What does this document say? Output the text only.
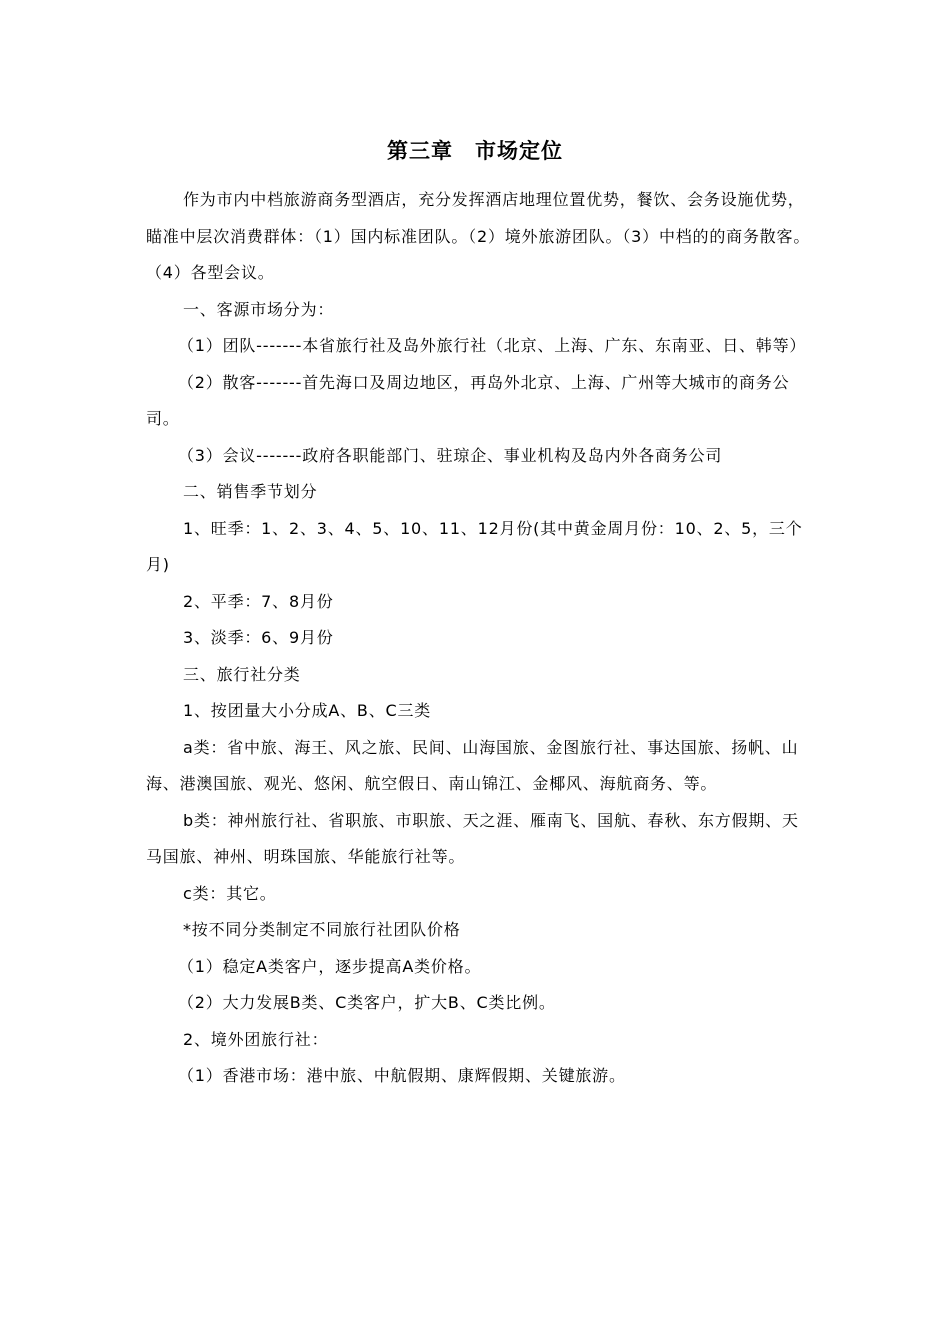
第三章 市场定位

作为市内中档旅游商务型酒店，充分发挥酒店地理位置优势，餐饮、会务设施优势，瞄准中层次消费群体：（1）国内标准团队。（2）境外旅游团队。（3）中档的的商务散客。（4）各型会议。

一、客源市场分为：

（1）团队-------本省旅行社及岛外旅行社（北京、上海、广东、东南亚、日、韩等）

（2）散客-------首先海口及周边地区，再岛外北京、上海、广州等大城市的商务公司。

（3）会议-------政府各职能部门、驻琼企、事业机构及岛内外各商务公司

二、销售季节划分

1、旺季：1、2、3、4、5、10、11、12月份(其中黄金周月份：10、2、5，三个月)

2、平季：7、8月份

3、淡季：6、9月份

三、旅行社分类

1、按团量大小分成A、B、C三类

a类：省中旅、海王、风之旅、民间、山海国旅、金图旅行社、事达国旅、扬帆、山海、港澳国旅、观光、悠闲、航空假日、南山锦江、金椰风、海航商务、等。

b类：神州旅行社、省职旅、市职旅、天之涯、雁南飞、国航、春秋、东方假期、天马国旅、神州、明珠国旅、华能旅行社等。

c类：其它。

*按不同分类制定不同旅行社团队价格

（1）稳定A类客户，逐步提高A类价格。

（2）大力发展B类、C类客户，扩大B、C类比例。

2、境外团旅行社：

（1）香港市场：港中旅、中航假期、康辉假期、关键旅游。
